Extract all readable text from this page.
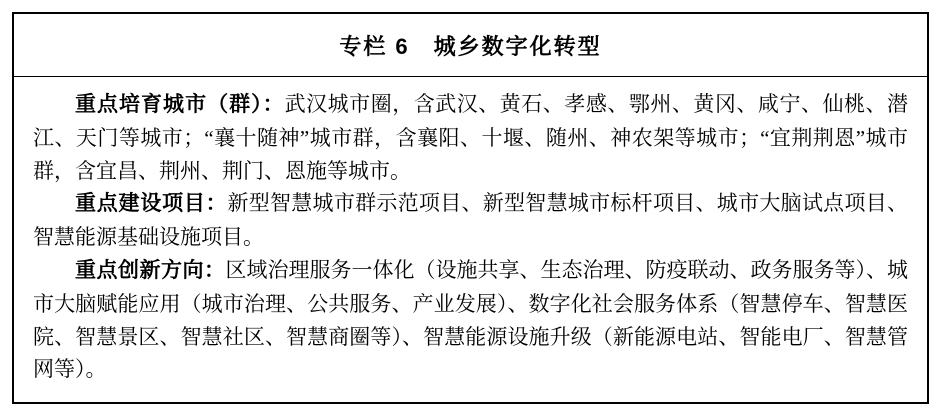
专栏 6　城乡数字化转型

重点培育城市（群）：武汉城市圈，含武汉、黄石、孝感、鄂州、黄冈、咸宁、仙桃、潜江、天门等城市；“襄十随神”城市群，含襄阳、十堰、随州、神农架等城市；“宜荆荆恩”城市群，含宜昌、荆州、荆门、恩施等城市。

重点建设项目：新型智慧城市群示范项目、新型智慧城市标杆项目、城市大脑试点项目、智慧能源基础设施项目。

重点创新方向：区域治理服务一体化（设施共享、生态治理、防疫联动、政务服务等）、城市大脑赋能应用（城市治理、公共服务、产业发展）、数字化社会服务体系（智慧停车、智慧医院、智慧景区、智慧社区、智慧商圈等）、智慧能源设施升级（新能源电站、智能电厂、智慧管网等）。
